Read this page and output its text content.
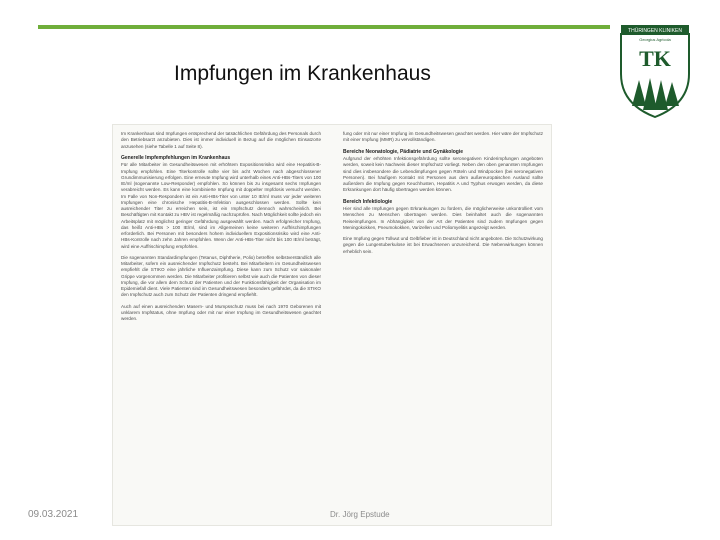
Impfungen im Krankenhaus
THÜRINGEN KLINIKEN
Georgius Agricola
TK

Im Krankenhaus sind Impfungen entsprechend der tatsächlichen Gefährdung des Personals durch den Betriebsarzt anzubieten. Dies ist immer individuell in Bezug auf die möglichen Einsatzorte anzusehen (siehe Tabelle 1 auf Seite 8).

Generelle Impfempfehlungen im Krankenhaus

Für alle Mitarbeiter im Gesundheitswesen mit erhöhtem Expositionsrisiko wird eine Hepatitis-B-Impfung empfohlen. Eine Titerkontrolle sollte vier bis acht Wochen nach abgeschlossener Grundimmunisierung erfolgen. Eine erneute Impfung wird unterhalb eines Anti-HBs-Titers von 100 IE/ml (sogenannte Low-Responder) empfohlen. So können bis zu insgesamt sechs Impfungen verabreicht werden. Es kann eine kombinierte Impfung mit doppelter Impfdosis versucht werden. Im Falle von Non-Respondern ist ein Anti-HBs-Titer von unter 10 IE/ml muss vor jeder weiteren Impfungen eine chronische Hepatitis-B-Infektion ausgeschlossen werden. Sollte kein ausreichender Titer zu erreichen sein, ist ein Impfschutz dennoch wahrscheinlich. Bei Beschäftigten mit Kontakt zu HBV ist regelmäßig nachzuprüfen. Nach Möglichkeit sollte jedoch ein Arbeitsplatz mit möglichst geringer Gefährdung ausgewählt werden. Nach erfolgreicher Impfung, das heißt Anti-HBs > 100 IE/ml, sind im Allgemeinen keine weiteren Auffrischimpfungen erforderlich. Bei Personen mit besonders hohem individuellem Expositionsrisiko wird eine Anti-HBs-Kontrolle nach zehn Jahren empfohlen. Wenn der Anti-HBs-Titer nicht bis 100 IE/ml beträgt, wird eine Auffrischimpfung empfohlen.

Die sogenannten Standardimpfungen (Tetanus, Diphtherie, Polio) betreffen selbstverständlich alle Mitarbeiter, sofern ein ausreichender Impfschutz besteht. Bei Mitarbeitern im Gesundheitswesen empfiehlt die STIKO eine jährliche Influenzaimpfung. Diese kann zum Schutz vor saisonaler Grippe vorgenommen werden. Die Mitarbeiter profitieren selbst wie auch die Patienten von dieser Impfung, die vor allem dem Schutz der Patienten und der Funktionsfähigkeit der Organisation im Epidemiefall dient. Viele Patienten sind im Gesundheitswesen besonders gefährdet, da die STIKO den Impfschutz auch zum Schutz der Patienten dringend empfiehlt.

Auch auf einen ausreichenden Masern- und Mumpsschutz muss bei nach 1970 Geborenen mit unklarem Impfstatus, ohne Impfung oder mit nur einer Impfung im Gesundheitswesen geachtet werden.

fung oder mit nur einer Impfung im Gesundheitswesen geachtet werden. Hier wäre der Impfschutz mit einer Impfung (MMR) zu vervollständigen.

Bereiche Neonatologie, Pädiatrie und Gynäkologie

Aufgrund der erhöhten Infektionsgefährdung sollte seronegativen Kinderimpfungen angeboten werden, soweit kein Nachweis dieser Impfschutz vorliegt. Neben den oben genannten Impfungen sind dies insbesondere die Lebendimpfungen gegen Röteln und Windpocken (bei seronegativen Personen). Bei häufigem Kontakt mit Personen aus dem außereuropäischen Ausland sollte außerdem die Impfung gegen Keuchhusten, Hepatitis A und Typhus erwogen werden, da diese Erkrankungen dort häufig übertragen werden können.

Bereich Infektiologie

Hier sind alle Impfungen gegen Erkrankungen zu fordern, die möglicherweise unkontrolliert vom Menschen zu Menschen übertragen werden. Dies beinhaltet auch die sogenannten Reiseimpfungen. In Abhängigkeit von der Art der Patienten sind zudem Impfungen gegen Meningokokken, Pneumokokken, Varizellen und Poliomyelitis angezeigt werden.

Eine Impfung gegen Tollwut und Gelbfieber ist in Deutschland nicht angeboten. Die Schutzwirkung gegen die Lungentuberkulose ist bei Erwachsenen unzureichend. Die Nebenwirkungen können erheblich sein.

09.03.2021	Dr. Jörg Epstude
